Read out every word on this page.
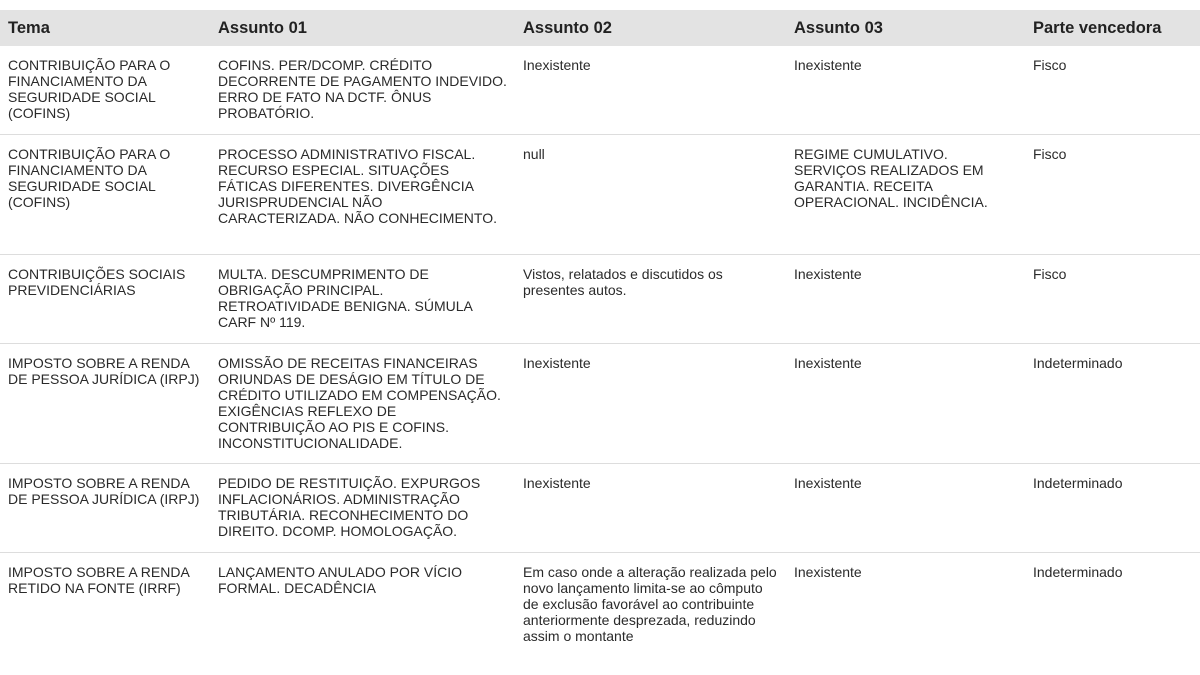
Tema	Assunto 01	Assunto 02	Assunto 03	Parte vencedora
CONTRIBUIÇÃO PARA O FINANCIAMENTO DA SEGURIDADE SOCIAL (COFINS)	COFINS. PER/DCOMP. CRÉDITO DECORRENTE DE PAGAMENTO INDEVIDO. ERRO DE FATO NA DCTF. ÔNUS PROBATÓRIO.	Inexistente	Inexistente	Fisco
CONTRIBUIÇÃO PARA O FINANCIAMENTO DA SEGURIDADE SOCIAL (COFINS)	PROCESSO ADMINISTRATIVO FISCAL. RECURSO ESPECIAL. SITUAÇÕES FÁTICAS DIFERENTES. DIVERGÊNCIA JURISPRUDENCIAL NÃO CARACTERIZADA. NÃO CONHECIMENTO.	null	REGIME CUMULATIVO. SERVIÇOS REALIZADOS EM GARANTIA. RECEITA OPERACIONAL. INCIDÊNCIA.	Fisco
CONTRIBUIÇÕES SOCIAIS PREVIDENCIÁRIAS	MULTA. DESCUMPRIMENTO DE OBRIGAÇÃO PRINCIPAL. RETROATIVIDADE BENIGNA. SÚMULA CARF Nº 119.	Vistos, relatados e discutidos os presentes autos.	Inexistente	Fisco
IMPOSTO SOBRE A RENDA DE PESSOA JURÍDICA (IRPJ)	OMISSÃO DE RECEITAS FINANCEIRAS ORIUNDAS DE DESÁGIO EM TÍTULO DE CRÉDITO UTILIZADO EM COMPENSAÇÃO. EXIGÊNCIAS REFLEXO DE CONTRIBUIÇÃO AO PIS E COFINS. INCONSTITUCIONALIDADE.	Inexistente	Inexistente	Indeterminado
IMPOSTO SOBRE A RENDA DE PESSOA JURÍDICA (IRPJ)	PEDIDO DE RESTITUIÇÃO. EXPURGOS INFLACIONÁRIOS. ADMINISTRAÇÃO TRIBUTÁRIA. RECONHECIMENTO DO DIREITO. DCOMP. HOMOLOGAÇÃO.	Inexistente	Inexistente	Indeterminado
IMPOSTO SOBRE A RENDA RETIDO NA FONTE (IRRF)	LANÇAMENTO ANULADO POR VÍCIO FORMAL. DECADÊNCIA	Em caso onde a alteração realizada pelo novo lançamento limita-se ao cômputo de exclusão favorável ao contribuinte anteriormente desprezada, reduzindo assim o montante	Inexistente	Indeterminado
